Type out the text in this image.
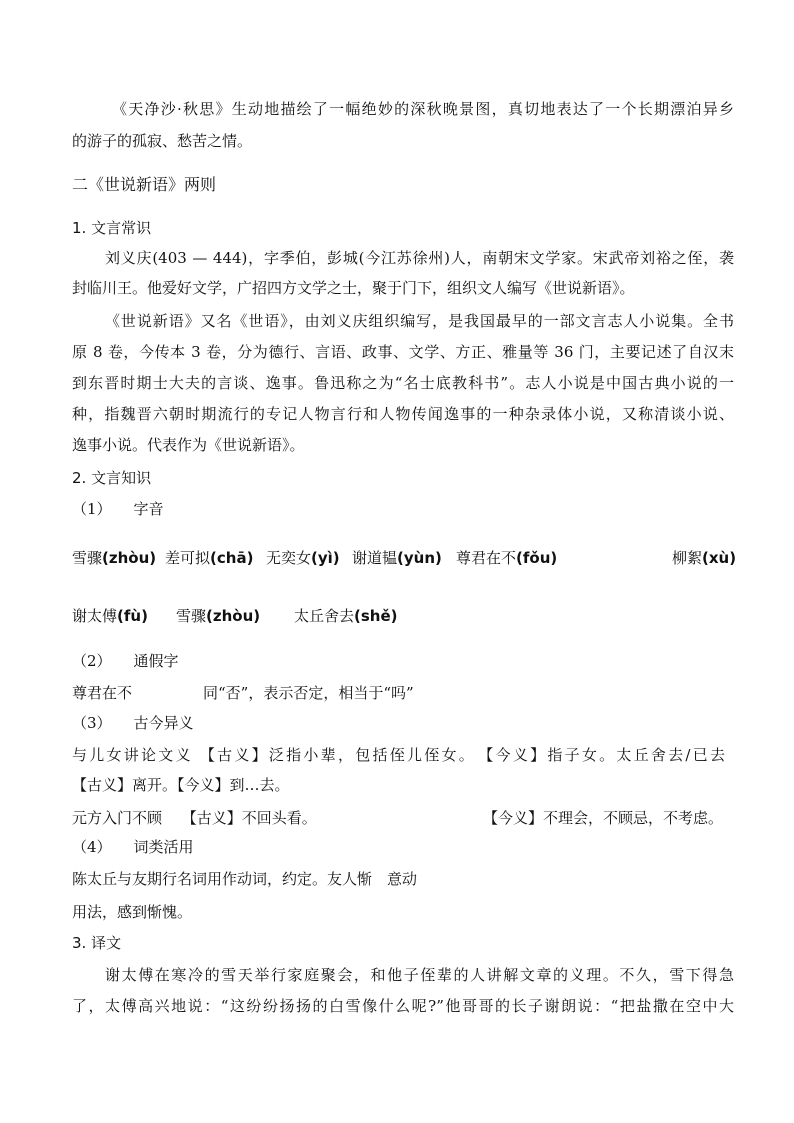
《天净沙·秋思》生动地描绘了一幅绝妙的深秋晚景图，真切地表达了一个长期漂泊异乡
的游子的孤寂、愁苦之情。
二《世说新语》两则
1. 文言常识
刘义庆(403 — 444)，字季伯，彭城(今江苏徐州)人，南朝宋文学家。宋武帝刘裕之侄，袭
封临川王。他爱好文学，广招四方文学之士，聚于门下，组织文人编写《世说新语》。
《世说新语》又名《世语》，由刘义庆组织编写，是我国最早的一部文言志人小说集。全书
原 8 卷，今传本 3 卷，分为德行、言语、政事、文学、方正、雅量等 36 门，主要记述了自汉末
到东晋时期士大夫的言谈、逸事。鲁迅称之为“名士底教科书”。志人小说是中国古典小说的一
种，指魏晋六朝时期流行的专记人物言行和人物传闻逸事的一种杂录体小说，又称清谈小说、
逸事小说。代表作为《世说新语》。
2. 文言知识
（1） 字音
雪骤(zhòu) 差可拟(chā) 无奕女(yì) 谢道韫(yùn) 尊君在不(fǒu)	柳絮(xù)
谢太傅(fù) 雪骤(zhòu) 太丘舍去(shě)
（2） 通假字
尊君在不	同“否”，表示否定，相当于“吗”
（3） 古今异义
与儿女讲论文义 【古义】泛指小辈，包括侄儿侄女。　【今义】指子女。太丘舍去/已去
【古义】离开。【今义】到…去。
元方入门不顾　 【古义】不回头看。	【今义】不理会，不顾忌，不考虑。
（4） 词类活用
陈太丘与友期行名词用作动词，约定。友人惭　意动
用法，感到惭愧。
3. 译文
谢太傅在寒冷的雪天举行家庭聚会，和他子侄辈的人讲解文章的义理。不久，雪下得急
了，太傅高兴地说：“这纷纷扬扬的白雪像什么呢?”他哥哥的长子谢朗说：“把盐撒在空中大
